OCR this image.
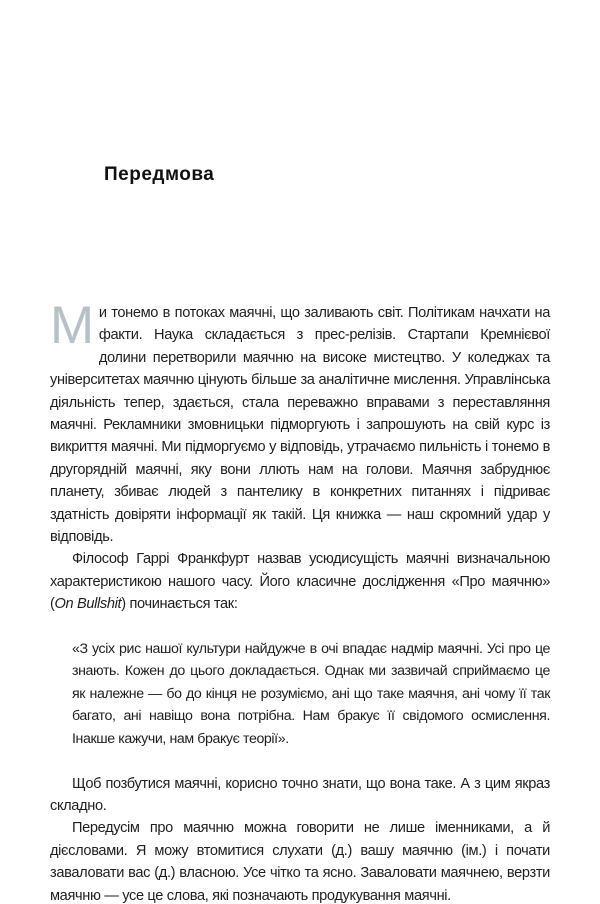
Передмова

Ми тонемо в потоках маячні, що заливають світ. Політикам начхати на факти. Наука складається з прес-релізів. Стартапи Кремнієвої долини перетворили маячню на високе мистецтво. У коледжах та університетах маячню цінують більше за аналітичне мислення. Управлінська діяльність тепер, здається, стала переважно вправами з переставляння маячні. Рекламники змовницьки підморгують і запрошують на свій курс із викриття маячні. Ми підморгуємо у відповідь, утрачаємо пильність і тонемо в другорядній маячні, яку вони ллють нам на голови. Маячня забруднює планету, збиває людей з пантелику в конкретних питаннях і підриває здатність довіряти інформації як такій. Ця книжка — наш скромний удар у відповідь.

Філософ Гаррі Франкфурт назвав усюдисущість маячні визначальною характеристикою нашого часу. Його класичне дослідження «Про маячню» (On Bullshit) починається так:

«З усіх рис нашої культури найдужче в очі впадає надмір маячні. Усі про це знають. Кожен до цього докладається. Однак ми зазвичай сприймаємо це як належне — бо до кінця не розуміємо, ані що таке маячня, ані чому її так багато, ані навіщо вона потрібна. Нам бракує її свідомого осмислення. Інакше кажучи, нам бракує теорії».

Щоб позбутися маячні, корисно точно знати, що вона таке. А з цим якраз складно.

Передусім про маячню можна говорити не лише іменниками, а й дієсловами. Я можу втомитися слухати (д.) вашу маячню (ім.) і почати заваловати вас (д.) власною. Усе чітко та ясно. Заваловати маячнею, верзти маячню — усе це слова, які позначають продукування маячні.
